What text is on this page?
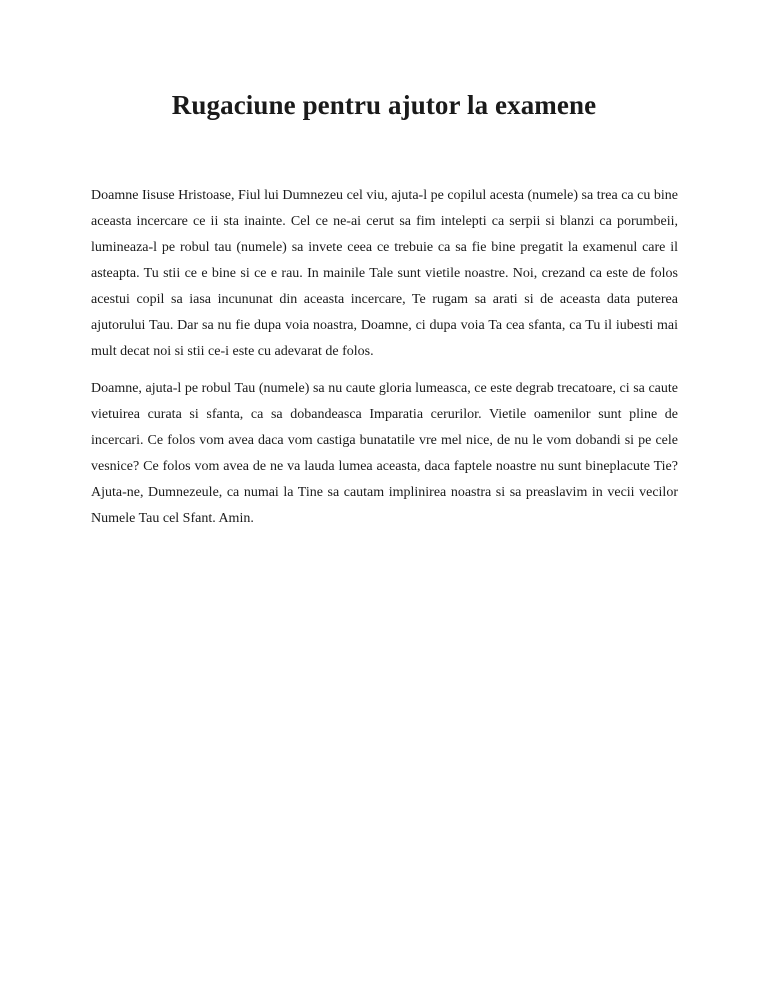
Rugaciune pentru ajutor la examene

Doamne Iisuse Hristoase, Fiul lui Dumnezeu cel viu, ajuta-l pe copilul acesta (numele) sa trea ca cu bine aceasta incercare ce ii sta inainte. Cel ce ne-ai cerut sa fim intelepti ca serpii si blanzi ca porumbeii, lumineaza-l pe robul tau (numele) sa invete ceea ce trebuie ca sa fie bine pregatit la examenul care il asteapta. Tu stii ce e bine si ce e rau. In mainile Tale sunt vietile noastre. Noi, crezand ca este de folos acestui copil sa iasa incununat din aceasta incercare, Te rugam sa arati si de aceasta data puterea ajutorului Tau. Dar sa nu fie dupa voia noastra, Doamne, ci dupa voia Ta cea sfanta, ca Tu il iubesti mai mult decat noi si stii ce-i este cu adevarat de folos.

Doamne, ajuta-l pe robul Tau (numele) sa nu caute gloria lumeasca, ce este degrab trecatoare, ci sa caute vietuirea curata si sfanta, ca sa dobandeasca Imparatia cerurilor. Vietile oamenilor sunt pline de incercari. Ce folos vom avea daca vom castiga bunatatile vre mel nice, de nu le vom dobandi si pe cele vesnice? Ce folos vom avea de ne va lauda lumea aceasta, daca faptele noastre nu sunt bineplacute Tie? Ajuta-ne, Dumnezeule, ca numai la Tine sa cautam implinirea noastra si sa preaslavim in vecii vecilor Numele Tau cel Sfant. Amin.
